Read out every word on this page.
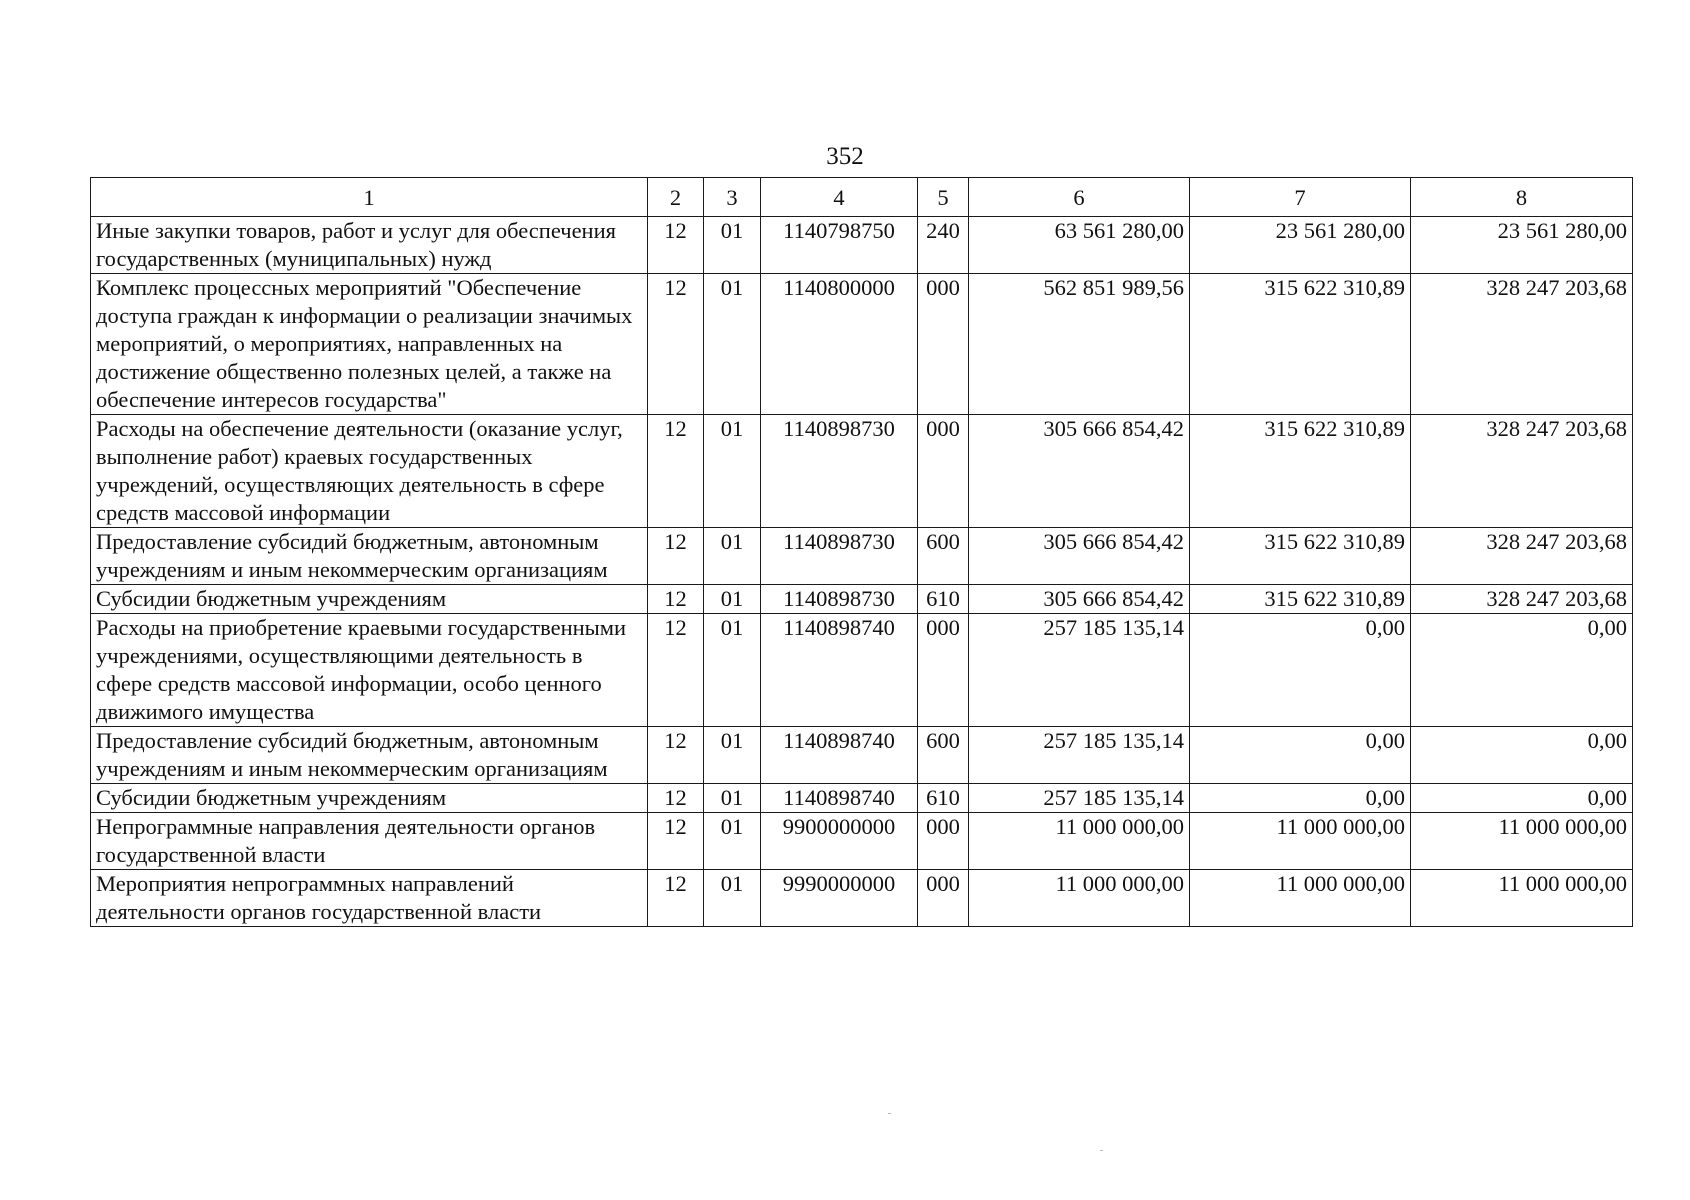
352
1	2	3	4	5	6	7	8
Иные закупки товаров, работ и услуг для обеспечения государственных (муниципальных) нужд	12	01	1140798750	240	63 561 280,00	23 561 280,00	23 561 280,00
Комплекс процессных мероприятий "Обеспечение доступа граждан к информации о реализации значимых мероприятий, о мероприятиях, направленных на достижение общественно полезных целей, а также на обеспечение интересов государства"	12	01	1140800000	000	562 851 989,56	315 622 310,89	328 247 203,68
Расходы на обеспечение деятельности (оказание услуг, выполнение работ) краевых государственных учреждений, осуществляющих деятельность в сфере средств массовой информации	12	01	1140898730	000	305 666 854,42	315 622 310,89	328 247 203,68
Предоставление субсидий бюджетным, автономным учреждениям и иным некоммерческим организациям	12	01	1140898730	600	305 666 854,42	315 622 310,89	328 247 203,68
Субсидии бюджетным учреждениям	12	01	1140898730	610	305 666 854,42	315 622 310,89	328 247 203,68
Расходы на приобретение краевыми государственными учреждениями, осуществляющими деятельность в сфере средств массовой информации, особо ценного движимого имущества	12	01	1140898740	000	257 185 135,14	0,00	0,00
Предоставление субсидий бюджетным, автономным учреждениям и иным некоммерческим организациям	12	01	1140898740	600	257 185 135,14	0,00	0,00
Субсидии бюджетным учреждениям	12	01	1140898740	610	257 185 135,14	0,00	0,00
Непрограммные направления деятельности органов государственной власти	12	01	9900000000	000	11 000 000,00	11 000 000,00	11 000 000,00
Мероприятия непрограммных направлений деятельности органов государственной власти	12	01	9990000000	000	11 000 000,00	11 000 000,00	11 000 000,00
